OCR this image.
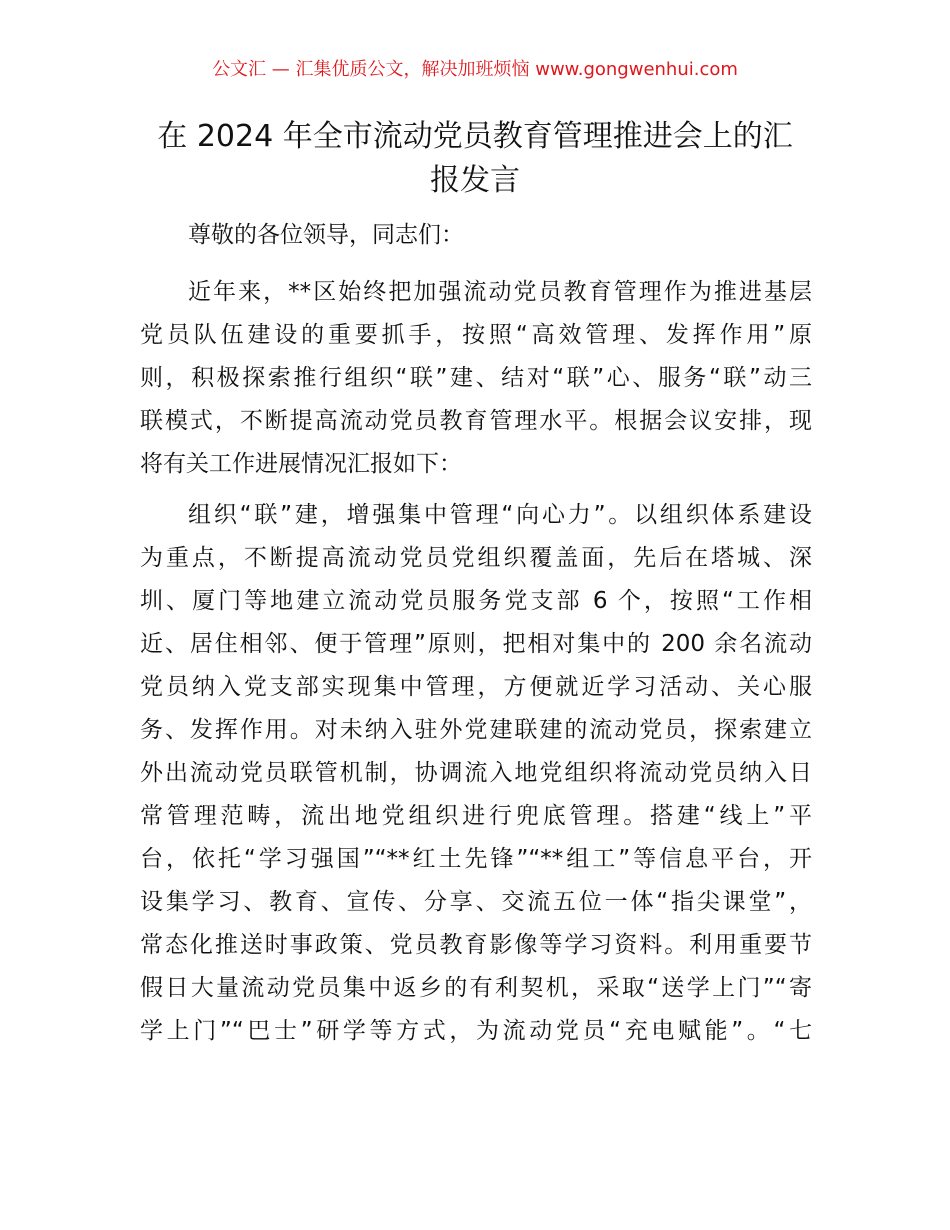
公文汇 — 汇集优质公文，解决加班烦恼 www.gongwenhui.com
在 2024 年全市流动党员教育管理推进会上的汇
报发言
尊敬的各位领导，同志们：
近年来，**区始终把加强流动党员教育管理作为推进基层
党员队伍建设的重要抓手，按照“高效管理、发挥作用”原
则，积极探索推行组织“联”建、结对“联”心、服务“联”动三
联模式，不断提高流动党员教育管理水平。根据会议安排，现
将有关工作进展情况汇报如下：
组织“联”建，增强集中管理“向心力”。以组织体系建设
为重点，不断提高流动党员党组织覆盖面，先后在塔城、深
圳、厦门等地建立流动党员服务党支部 6 个，按照“工作相
近、居住相邻、便于管理”原则，把相对集中的 200 余名流动
党员纳入党支部实现集中管理，方便就近学习活动、关心服
务、发挥作用。对未纳入驻外党建联建的流动党员，探索建立
外出流动党员联管机制，协调流入地党组织将流动党员纳入日
常管理范畴，流出地党组织进行兜底管理。搭建“线上”平
台，依托“学习强国”“**红土先锋”“**组工”等信息平台，开
设集学习、教育、宣传、分享、交流五位一体“指尖课堂”，
常态化推送时事政策、党员教育影像等学习资料。利用重要节
假日大量流动党员集中返乡的有利契机，采取“送学上门”“寄
学上门”“巴士”研学等方式，为流动党员“充电赋能”。“七
